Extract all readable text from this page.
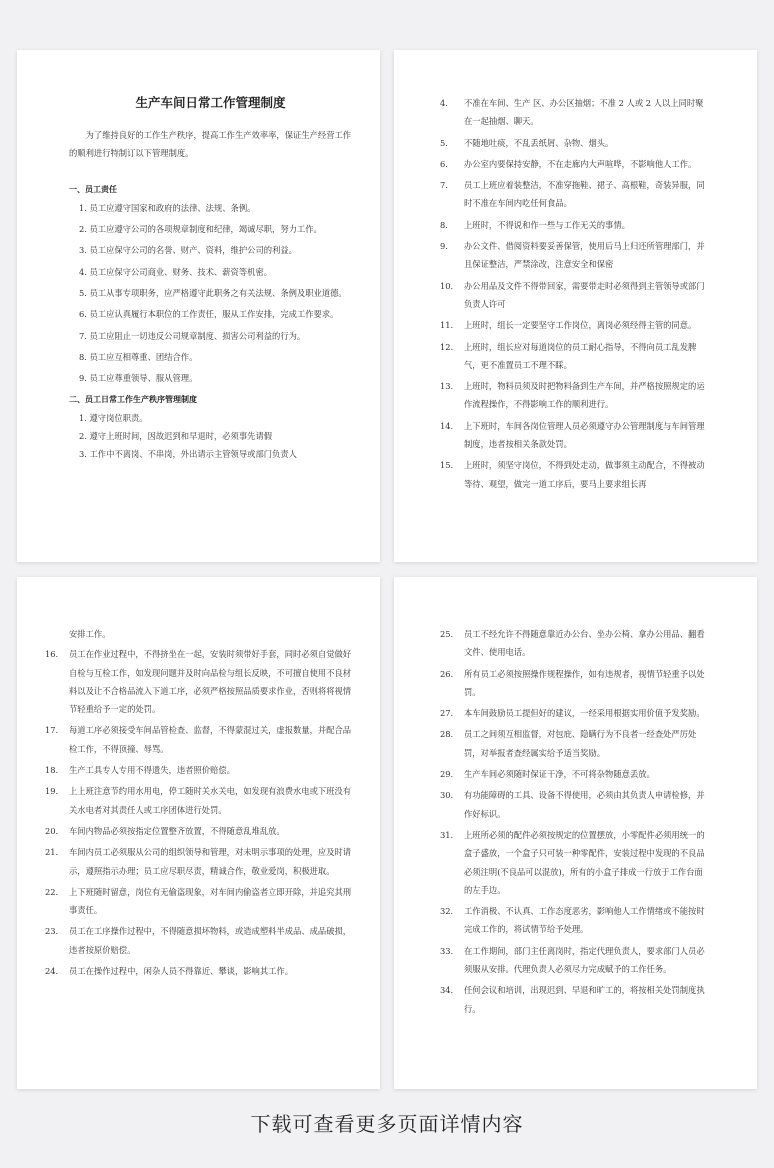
生产车间日常工作管理制度

为了维持良好的工作生产秩序，提高工作生产效率率，保证生产经营工作的顺利进行特制订以下管理制度。

一、员工责任

1. 员工应遵守国家和政府的法律、法规、条例。

2. 员工应遵守公司的各项规章制度和纪律，竭诚尽职，努力工作。

3. 员工应保守公司的名誉、财产、资料，维护公司的利益。

4. 员工应保守公司商业、财务、技术、薪资等机密。

5. 员工从事专项职务，应严格遵守此职务之有关法规、条例及职业道德。

6. 员工应认真履行本职位的工作责任，服从工作安排，完成工作要求。

7. 员工应阻止一切违反公司规章制度、损害公司利益的行为。

8. 员工应互相尊重、团结合作。

9. 员工应尊重领导、服从管理。

二、员工日常工作生产秩序管理制度

1. 遵守岗位职责。

2. 遵守上班时间，因故迟到和早退时，必须事先请假

3. 工作中不离岗、不串岗，外出请示主管领导或部门负责人

4. 不准在车间、生产 区、办公区抽烟；不准 2 人或 2 人以上同时聚在一起抽烟、聊天。
5. 不随地吐痰，不乱丢纸屑、杂物、烟头。
6. 办公室内要保持安静，不在走廊内大声喧哗，不影响他人工作。
7. 员工上班应着装整洁，不准穿拖鞋、裙子、高根鞋，奇装异服，同时不准在车间内吃任何食品。
8. 上班时，不得说和作一些与工作无关的事情。
9. 办公文件、借阅资料要妥善保管，使用后马上归还所管理部门，并且保证整洁，严禁涂改，注意安全和保密
10. 办公用品及文件不得带回家，需要带走时必须得到主管领导或部门负责人许可
11. 上班时，组长一定要坚守工作岗位，离岗必须经得主管的同意。
12. 上班时，组长应对每道岗位的员工耐心指导，不得向员工乱发脾气，更不准置员工不理不睬。
13. 上班时，物料员须及时把物料备到生产车间，并严格按照规定的运作流程操作，不得影响工作的顺利进行。
14. 上下班时，车间各岗位管理人员必须遵守办公管理制度与车间管理制度，违者按相关条款处罚。
15. 上班时，须坚守岗位，不得到处走动，做事须主动配合，不得被动等待、观望，做完一道工序后，要马上要求组长再

安排工作。

16. 员工在作业过程中，不得挤坐在一起，安装时须带好手套，同时必须自觉做好自检与互检工作，如发现问题并及时向品检与组长反映，不可擅自使用不良材料以及让不合格品流入下道工序，必须严格按照品质要求作业，否则将将视情节轻重给予一定的处罚。
17. 每道工序必须接受车间品管检查、监督，不得蒙混过关，虚报数量，并配合品检工作，不得顶撞、辱骂。
18. 生产工具专人专用不得遗失，违者照价赔偿。
19. 上上班注意节约用水用电，停工随时关水关电，如发现有浪费水电或下班没有关水电者对其责任人或工序团体进行处罚。
20. 车间内物品必须按指定位置整齐放置，不得随意乱堆乱放。
21. 车间内员工必须服从公司的组织领导和管理，对未明示事项的处理，应及时请示，遵照指示办理；员工应尽职尽责，精诚合作，敬业爱岗，积极进取。
22. 上下班随时留意，岗位有无偷盗现象，对车间内偷盗者立即开除，并追究其刑事责任。
23. 员工在工序操作过程中，不得随意损坏物料，或造成塑料半成品、成品破损，违者按原价赔偿。
24. 员工在操作过程中，闲杂人员不得靠近、攀谈，影响其工作。
25. 员工不经允许不得随意靠近办公台、坐办公椅、拿办公用品、翻看文件、使用电话。
26. 所有员工必须按照操作规程操作，如有违规者，视情节轻重予以处罚。
27. 本车间鼓励员工提但好的建议，一经采用根据实用价值予发奖励。
28. 员工之间须互相监督，对包庇、隐瞒行为不良者一经查处严厉处罚，对举报者查经属实给予适当奖励。
29. 生产车间必须随时保证干净，不可将杂物随意丢放。
30. 有功能障碍的工具、设备不得使用，必须由其负责人申请检修，并作好标识。
31. 上班所必须的配件必须按规定的位置摆放，小零配件必须用统一的盒子盛放，一个盒子只可装一种零配件，安装过程中发现的不良品必须注明(不良品可以混放)，所有的小盒子排成一行放于工作台面的左手边。
32. 工作消极、不认真、工作态度恶劣，影响他人工作情绪或不能按时完成工作的，将试情节给予处理。
33. 在工作期间，部门主任离岗时，指定代理负责人，要求部门人员必须服从安排。代理负责人必须尽力完成赋予的工作任务。
34. 任何会议和培训，出现迟到、早退和旷工的，将按相关处罚制度执行。
下载可查看更多页面详情内容
